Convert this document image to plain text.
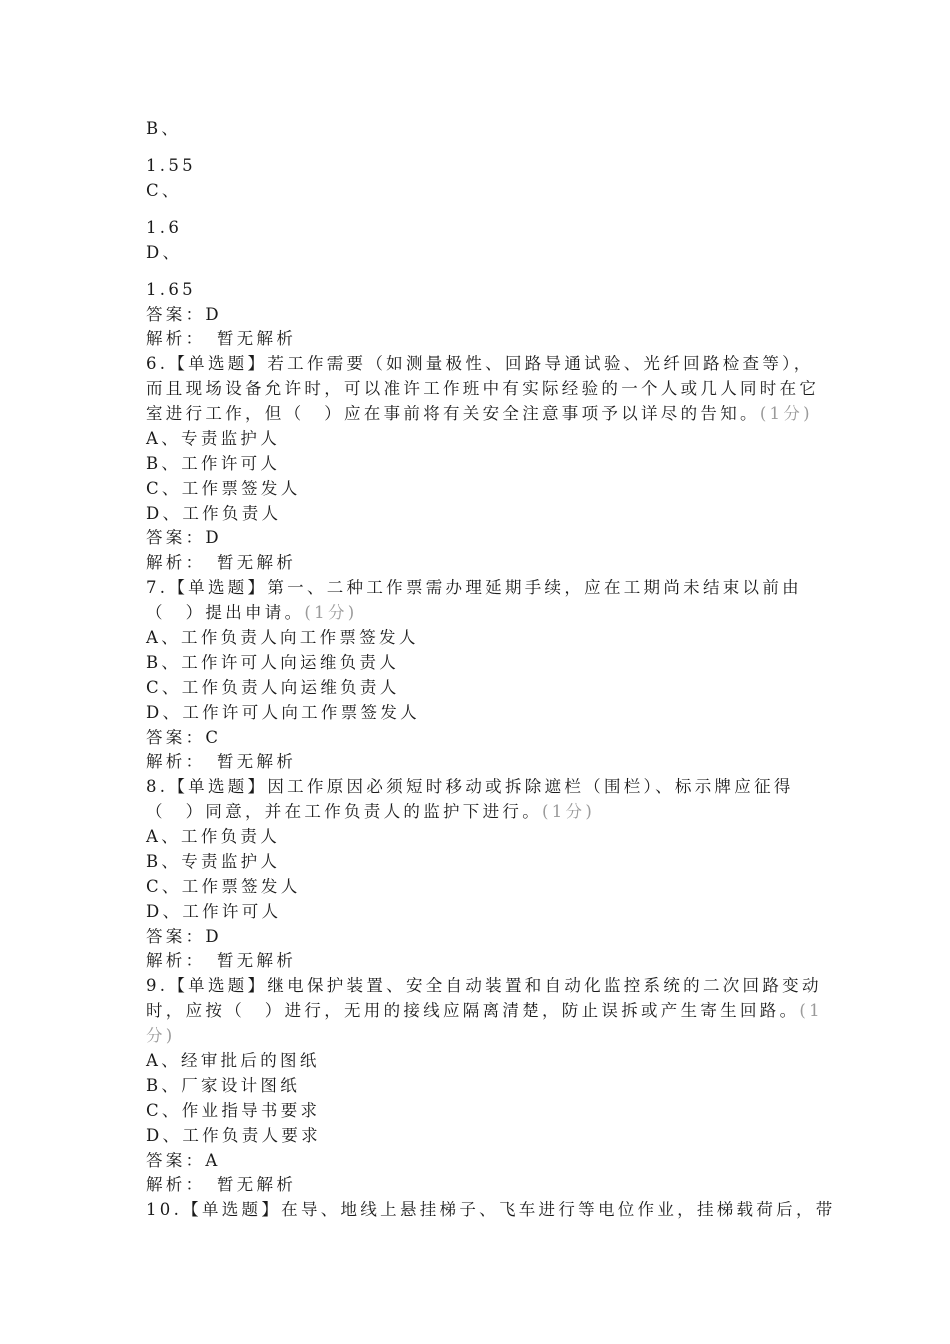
B、
1.55
C、
1.6
D、
1.65
答案：D
解析：　暂无解析
6.【单选题】若工作需要（如测量极性、回路导通试验、光纤回路检查等），
而且现场设备允许时，可以准许工作班中有实际经验的一个人或几人同时在它
室进行工作，但（　）应在事前将有关安全注意事项予以详尽的告知。(1分)
A、专责监护人
B、工作许可人
C、工作票签发人
D、工作负责人
答案：D
解析：　暂无解析
7.【单选题】第一、二种工作票需办理延期手续，应在工期尚未结束以前由
（　）提出申请。(1分)
A、工作负责人向工作票签发人
B、工作许可人向运维负责人
C、工作负责人向运维负责人
D、工作许可人向工作票签发人
答案：C
解析：　暂无解析
8.【单选题】因工作原因必须短时移动或拆除遮栏（围栏）、标示牌应征得
（　）同意，并在工作负责人的监护下进行。(1分)
A、工作负责人
B、专责监护人
C、工作票签发人
D、工作许可人
答案：D
解析：　暂无解析
9.【单选题】继电保护装置、安全自动装置和自动化监控系统的二次回路变动
时，应按（　）进行，无用的接线应隔离清楚，防止误拆或产生寄生回路。(1
分)
A、经审批后的图纸
B、厂家设计图纸
C、作业指导书要求
D、工作负责人要求
答案：A
解析：　暂无解析
10.【单选题】在导、地线上悬挂梯子、飞车进行等电位作业，挂梯载荷后，带
